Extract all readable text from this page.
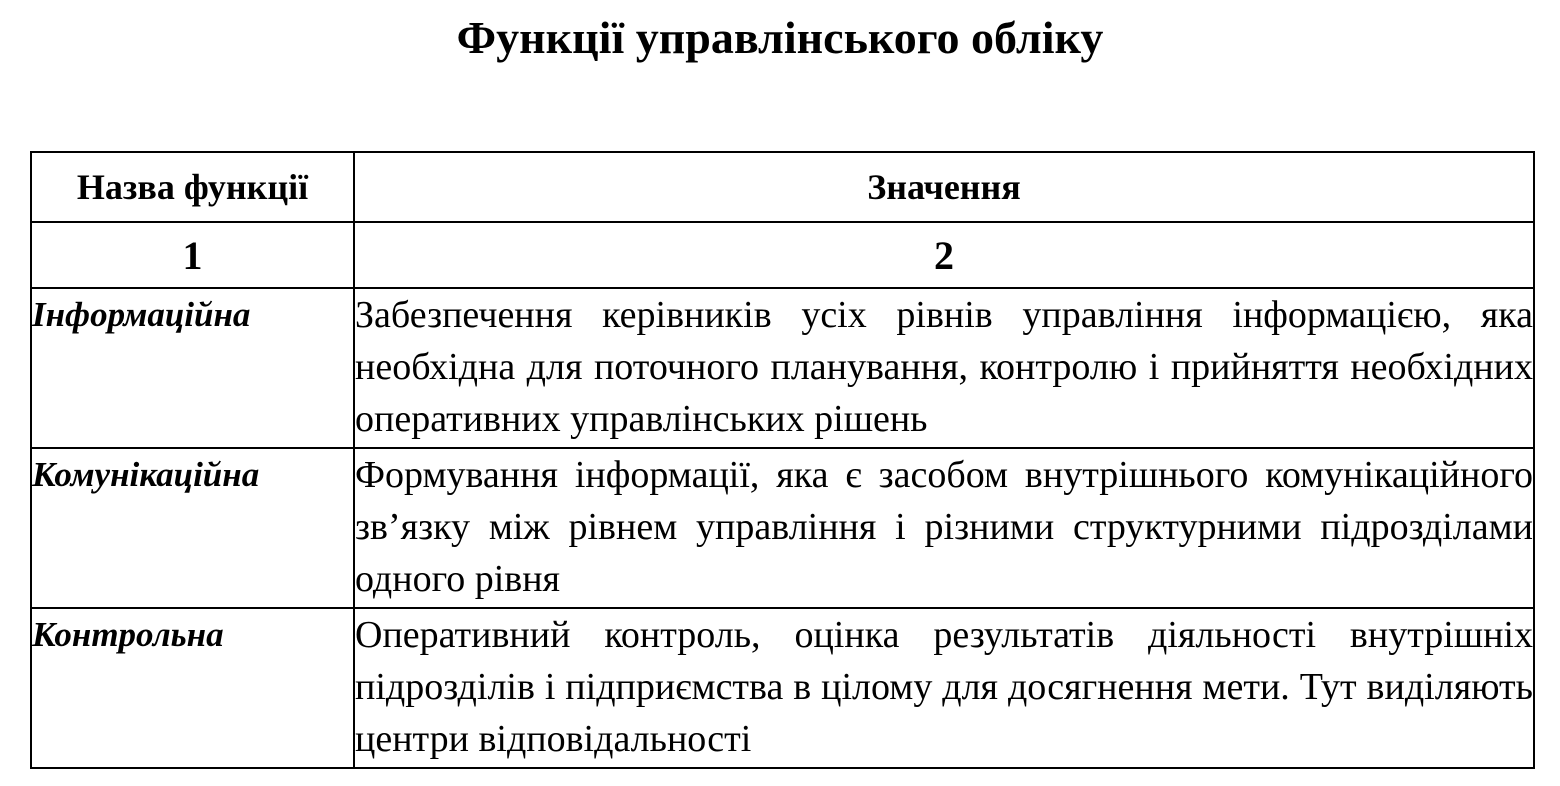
Функції управлінського обліку
Назва функції	Значення
1	2
Інформаційна	Забезпечення керівників усіх рівнів управління інформацією, яка необхідна для поточного планування, контролю і прийняття необхідних оперативних управлінських рішень
Комунікаційна	Формування інформації, яка є засобом внутрішнього комунікаційного зв’язку між рівнем управління і різними структурними підрозділами одного рівня
Контрольна	Оперативний контроль, оцінка результатів діяльності внутрішніх підрозділів і підприємства в цілому для досягнення мети. Тут виділяють центри відповідальності
